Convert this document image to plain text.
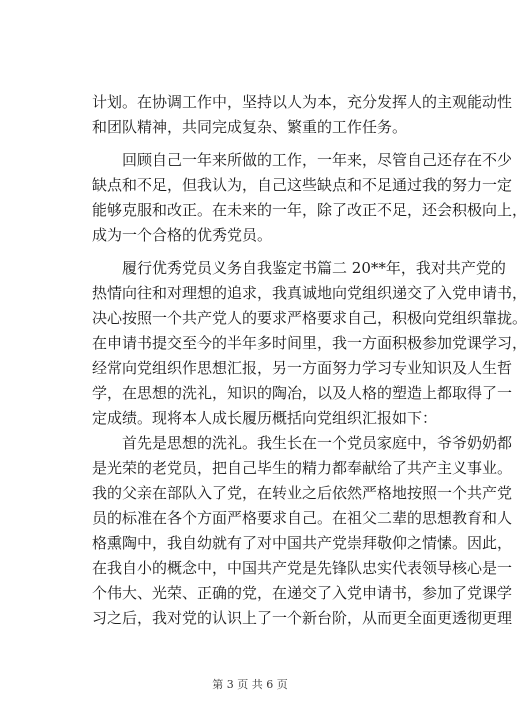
计划。在协调工作中，坚持以人为本，充分发挥人的主观能动性
和团队精神，共同完成复杂、繁重的工作任务。
回顾自己一年来所做的工作，一年来，尽管自己还存在不少
缺点和不足，但我认为，自己这些缺点和不足通过我的努力一定
能够克服和改正。在未来的一年，除了改正不足，还会积极向上，
成为一个合格的优秀党员。
履行优秀党员义务自我鉴定书篇二 20**年，我对共产党的
热情向往和对理想的追求，我真诚地向党组织递交了入党申请书，
决心按照一个共产党人的要求严格要求自己，积极向党组织靠拢。
在申请书提交至今的半年多时间里，我一方面积极参加党课学习，
经常向党组织作思想汇报，另一方面努力学习专业知识及人生哲
学，在思想的洗礼，知识的陶冶，以及人格的塑造上都取得了一
定成绩。现将本人成长履历概括向党组织汇报如下：
首先是思想的洗礼。我生长在一个党员家庭中，爷爷奶奶都
是光荣的老党员，把自己毕生的精力都奉献给了共产主义事业。
我的父亲在部队入了党，在转业之后依然严格地按照一个共产党
员的标准在各个方面严格要求自己。在祖父二辈的思想教育和人
格熏陶中，我自幼就有了对中国共产党崇拜敬仰之情愫。因此，
在我自小的概念中，中国共产党是先锋队忠实代表领导核心是一
个伟大、光荣、正确的党，在递交了入党申请书，参加了党课学
习之后，我对党的认识上了一个新台阶，从而更全面更透彻更理
第 3 页 共 6 页
